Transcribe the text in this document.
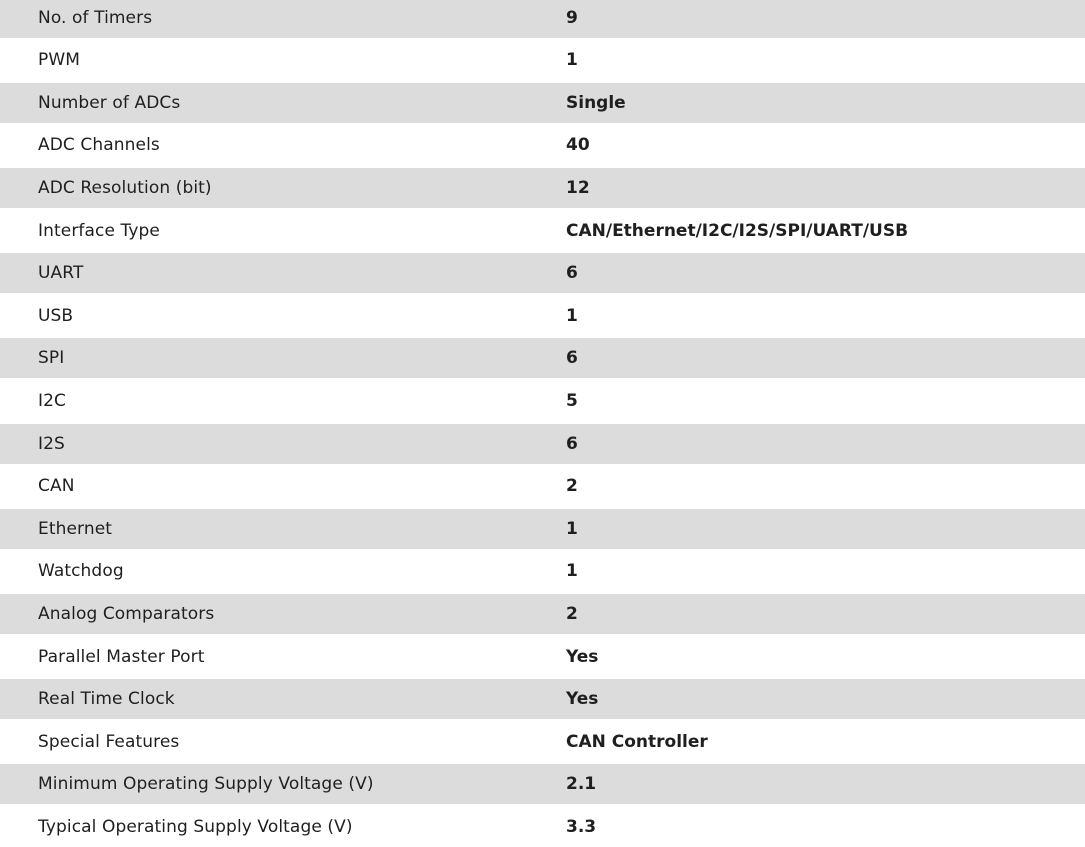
No. of Timers	9
PWM	1
Number of ADCs	Single
ADC Channels	40
ADC Resolution (bit)	12
Interface Type	CAN/Ethernet/I2C/I2S/SPI/UART/USB
UART	6
USB	1
SPI	6
I2C	5
I2S	6
CAN	2
Ethernet	1
Watchdog	1
Analog Comparators	2
Parallel Master Port	Yes
Real Time Clock	Yes
Special Features	CAN Controller
Minimum Operating Supply Voltage (V)	2.1
Typical Operating Supply Voltage (V)	3.3
